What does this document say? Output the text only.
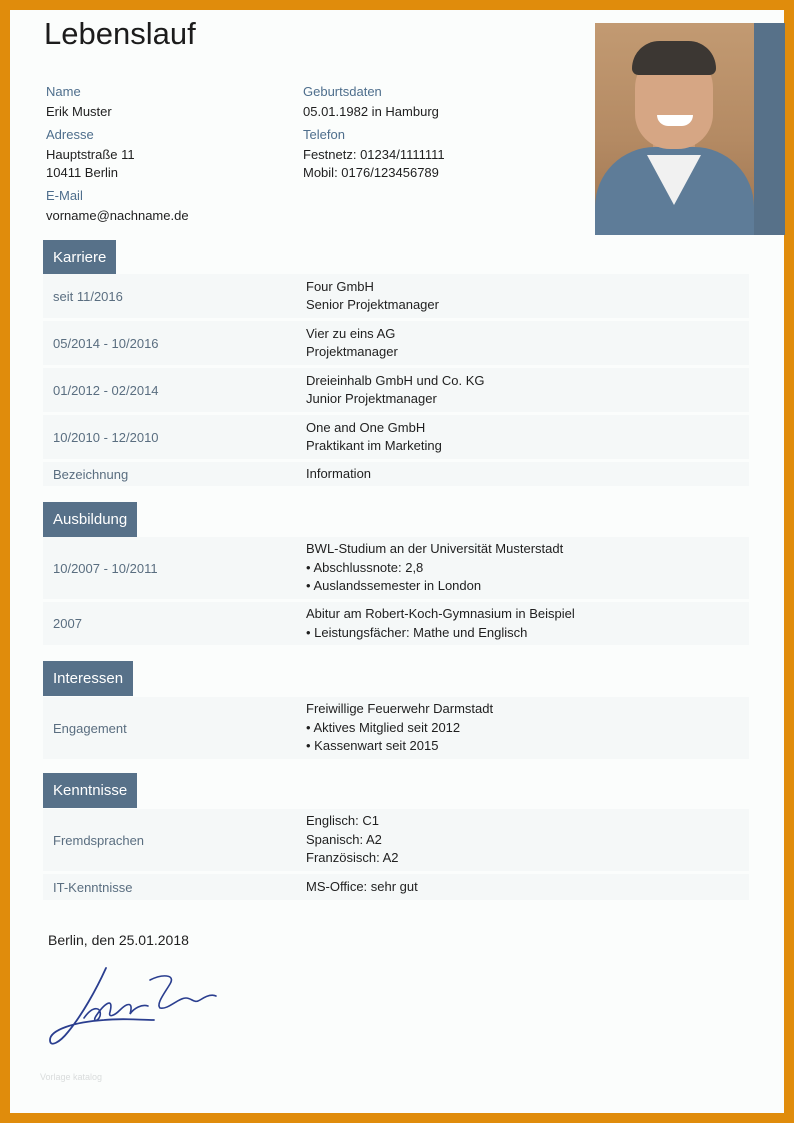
Lebenslauf
Name
Erik Muster
Geburtsdaten
05.01.1982 in Hamburg
Adresse
Hauptstraße 11
10411 Berlin
Telefon
Festnetz: 01234/1111111
Mobil: 0176/123456789
E-Mail
vorname@nachname.de
Karriere
seit 11/2016
Four GmbH
Senior Projektmanager
05/2014 - 10/2016
Vier zu eins AG
Projektmanager
01/2012 - 02/2014
Dreieinhalb GmbH und Co. KG
Junior Projektmanager
10/2010 - 12/2010
One and One GmbH
Praktikant im Marketing
Bezeichnung	Information
Ausbildung
10/2007 - 10/2011
BWL-Studium an der Universität Musterstadt
• Abschlussnote: 2,8
• Auslandssemester in London
2007
Abitur am Robert-Koch-Gymnasium in Beispiel
• Leistungsfächer: Mathe und Englisch
Interessen
Engagement
Freiwillige Feuerwehr Darmstadt
• Aktives Mitglied seit 2012
• Kassenwart seit 2015
Kenntnisse
Fremdsprachen
Englisch: C1
Spanisch: A2
Französisch: A2
IT-Kenntnisse	MS-Office: sehr gut
Berlin, den 25.01.2018
Vorlage katalog
